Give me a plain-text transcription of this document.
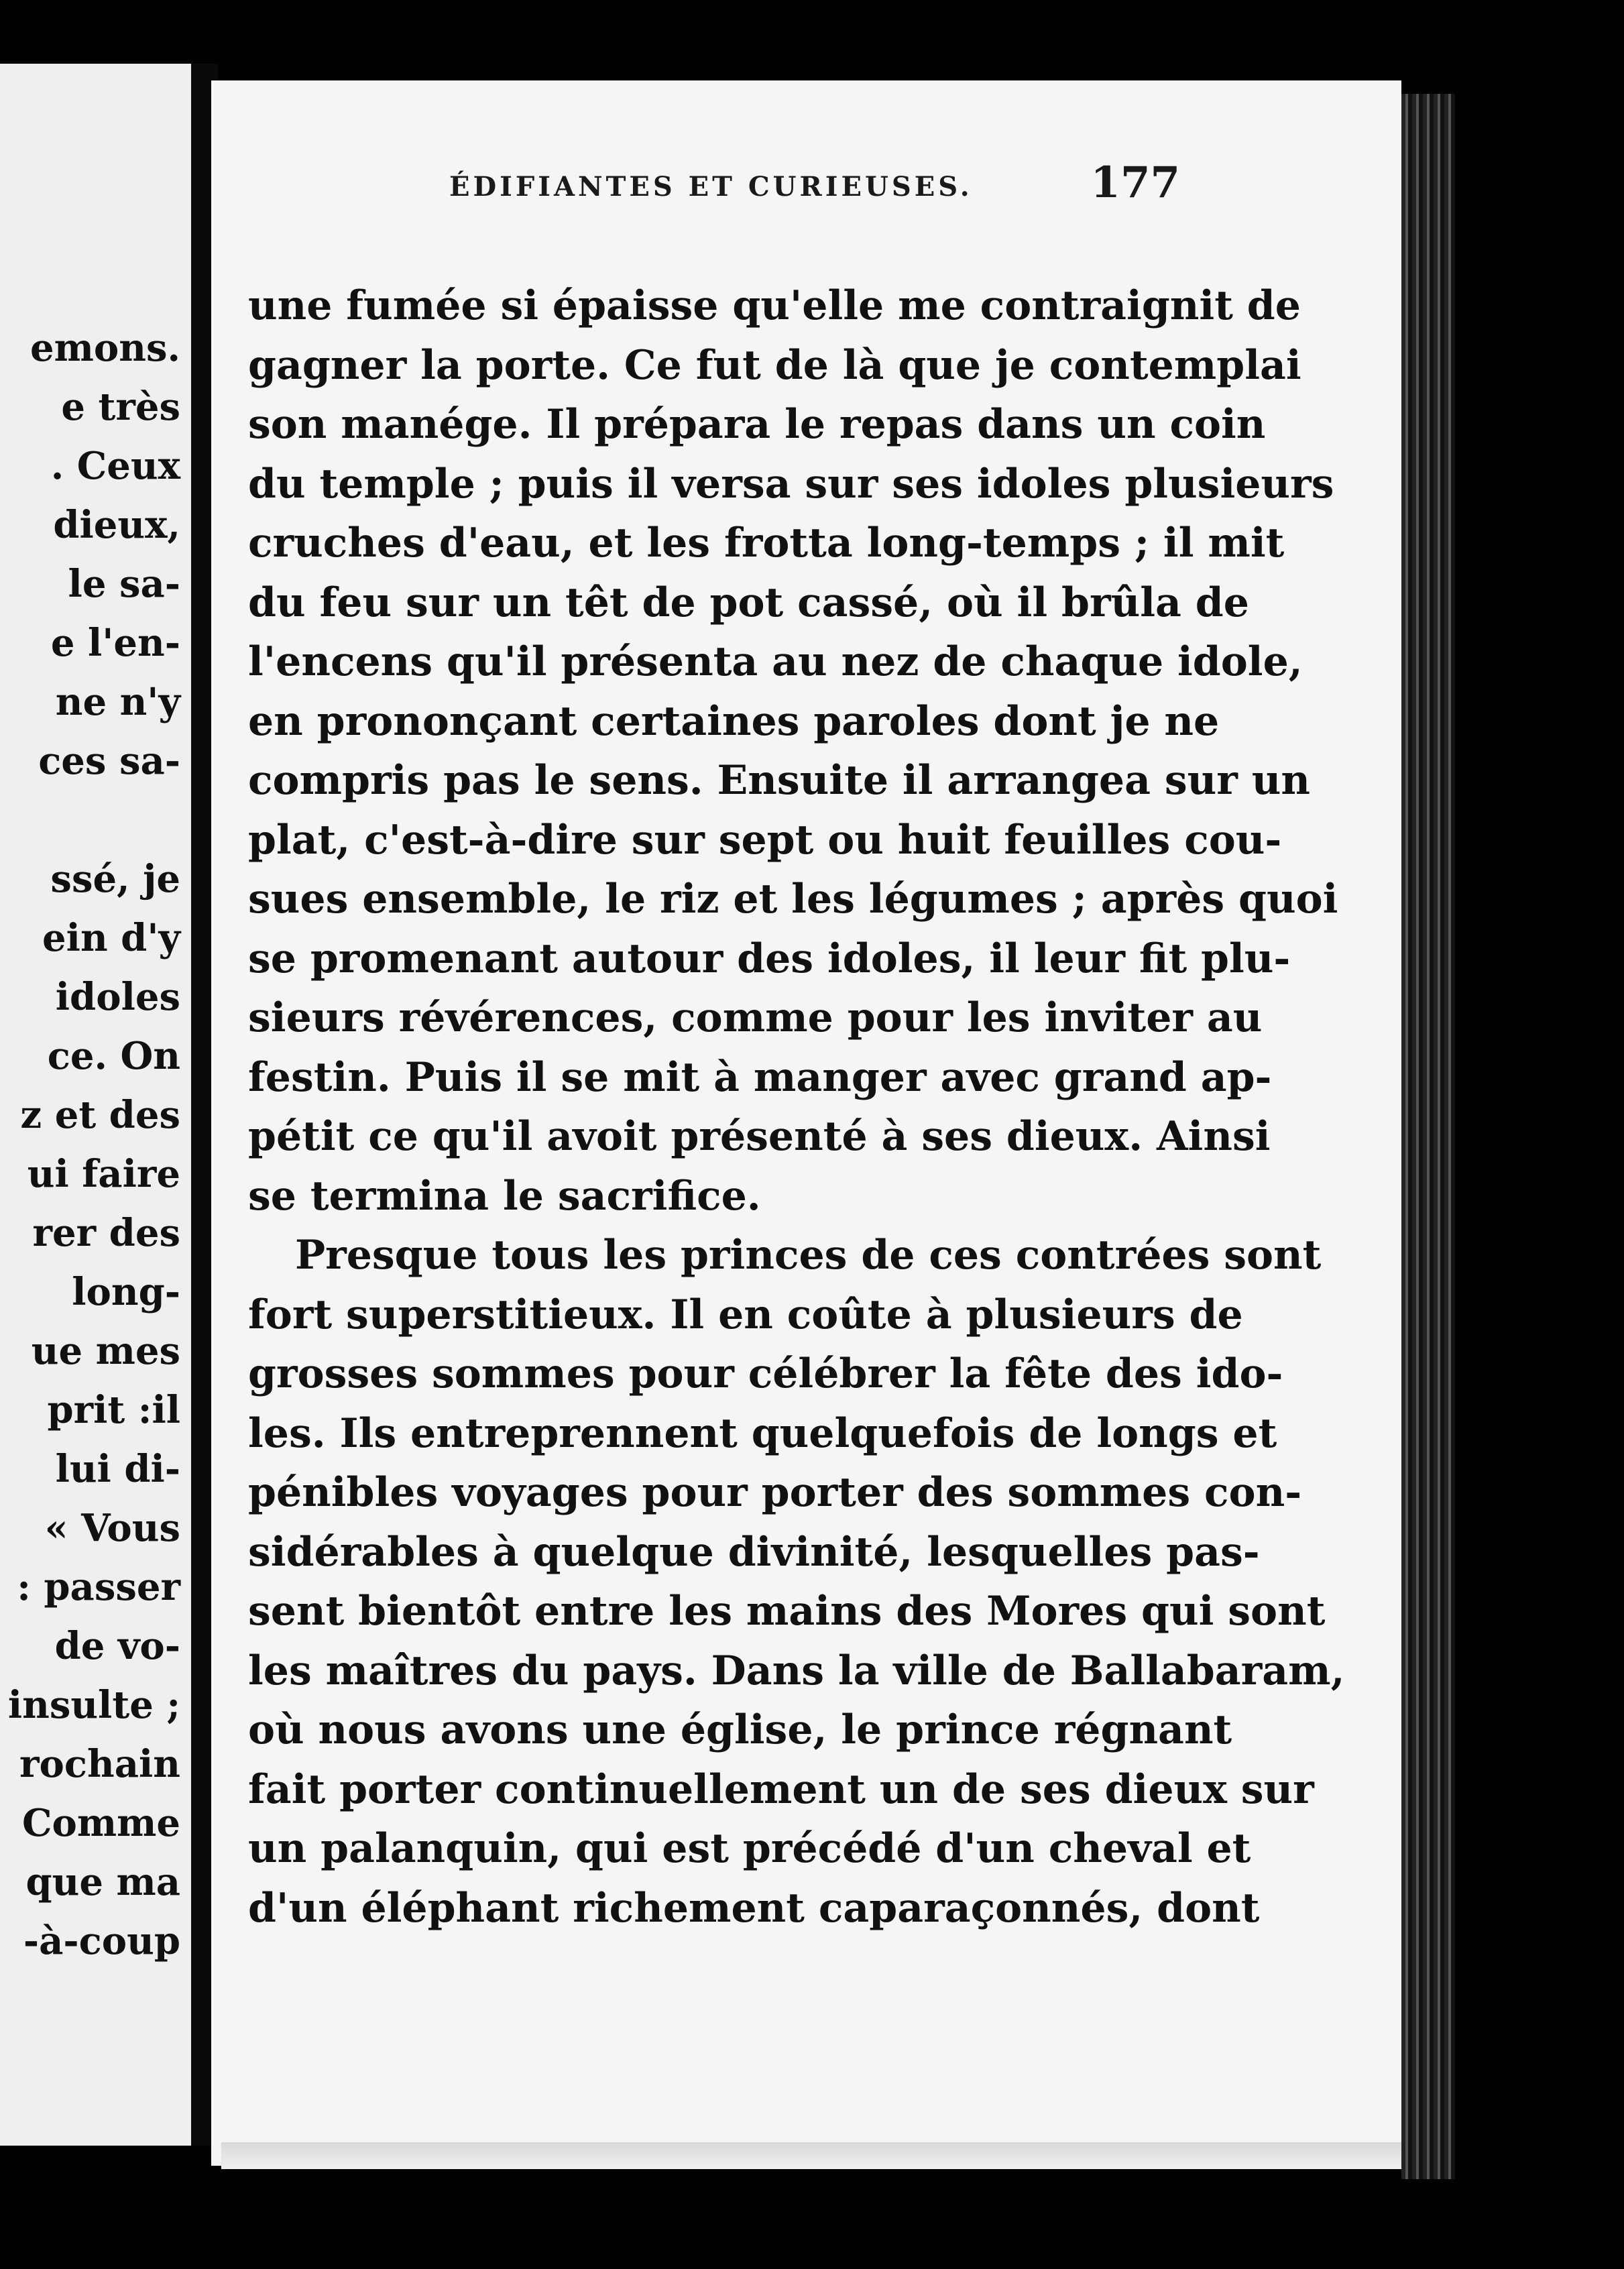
emons.
e très
. Ceux
dieux,
le sa-
e l'en-
ne n'y
ces sa-
ssé, je
ein d'y
idoles
ce. On
z et des
ui faire
rer des
long-
ue mes
prit :il
lui di-
« Vous
: passer
de vo-
insulte ;
rochain
Comme
que ma
-à-coup
ÉDIFIANTES ET CURIEUSES.	177
une fumée si épaisse qu'elle me contraignit de
gagner la porte. Ce fut de là que je contemplai
son manége. Il prépara le repas dans un coin
du temple ; puis il versa sur ses idoles plusieurs
cruches d'eau, et les frotta long-temps ; il mit
du feu sur un têt de pot cassé, où il brûla de
l'encens qu'il présenta au nez de chaque idole,
en prononçant certaines paroles dont je ne
compris pas le sens. Ensuite il arrangea sur un
plat, c'est-à-dire sur sept ou huit feuilles cou-
sues ensemble, le riz et les légumes ; après quoi
se promenant autour des idoles, il leur fit plu-
sieurs révérences, comme pour les inviter au
festin. Puis il se mit à manger avec grand ap-
pétit ce qu'il avoit présenté à ses dieux. Ainsi
se termina le sacrifice.
Presque tous les princes de ces contrées sont
fort superstitieux. Il en coûte à plusieurs de
grosses sommes pour célébrer la fête des ido-
les. Ils entreprennent quelquefois de longs et
pénibles voyages pour porter des sommes con-
sidérables à quelque divinité, lesquelles pas-
sent bientôt entre les mains des Mores qui sont
les maîtres du pays. Dans la ville de Ballabaram,
où nous avons une église, le prince régnant
fait porter continuellement un de ses dieux sur
un palanquin, qui est précédé d'un cheval et
d'un éléphant richement caparaçonnés, dont
